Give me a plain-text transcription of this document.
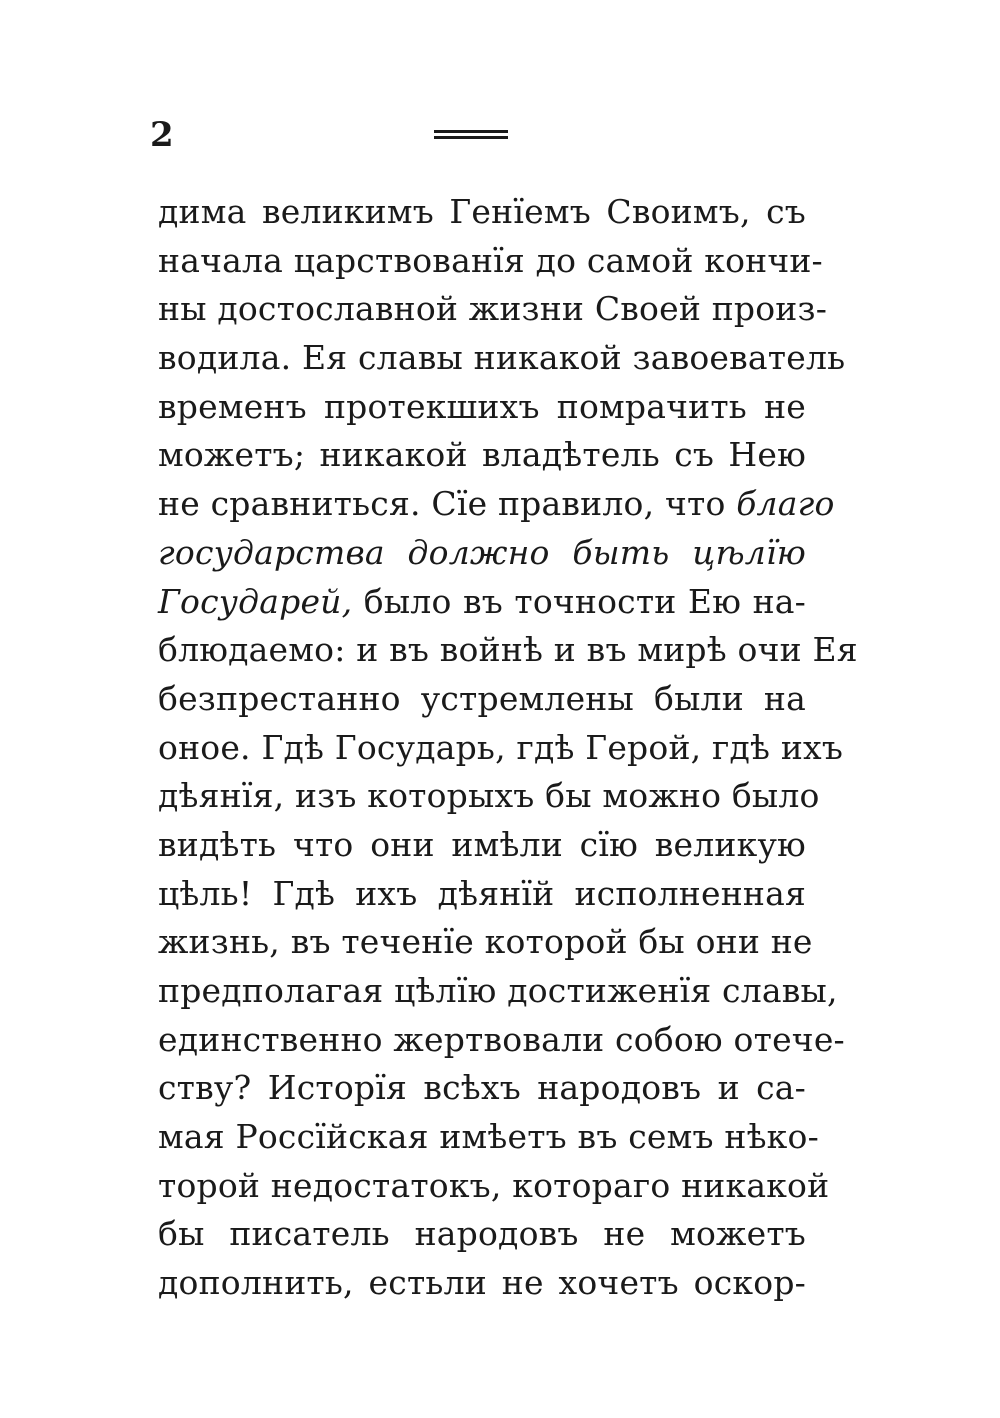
2
дима великимъ Генїемъ Своимъ, съ
начала царствованїя до самой кончи-
ны достославной жизни Своей произ-
водила. Ея славы никакой завоеватель
временъ протекшихъ помрачить не
можетъ; никакой владѣтель съ Нею
не сравниться. Сїе правило, что благо
государства должно быть цѣлїю
Государей, было въ точности Ею на-
блюдаемо: и въ войнѣ и въ мирѣ очи Ея
безпрестанно устремлены были на
оное. Гдѣ Государь, гдѣ Герой, гдѣ ихъ
дѣянїя, изъ которыхъ бы можно было
видѣть что они имѣли сїю великую
цѣль! Гдѣ ихъ дѣянїй исполненная
жизнь, въ теченїе которой бы они не
предполагая цѣлїю достиженїя славы,
единственно жертвовали собою отече-
ству? Исторїя всѣхъ народовъ и са-
мая Россїйская имѣетъ въ семъ нѣко-
торой недостатокъ, котораго никакой
бы писатель народовъ не можетъ
дополнить, естьли не хочетъ оскор-
